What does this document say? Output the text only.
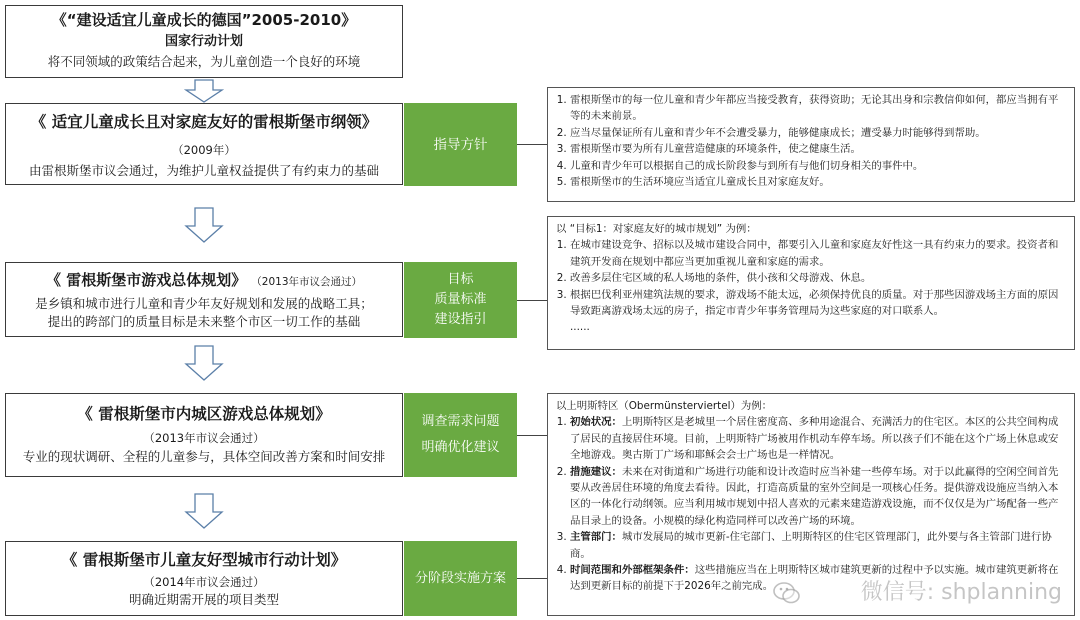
《“建设适宜儿童成长的德国”2005-2010》
国家行动计划
将不同领域的政策结合起来，为儿童创造一个良好的环境
《 适宜儿童成长且对家庭友好的雷根斯堡市纲领》
（2009年）
由雷根斯堡市议会通过，为维护儿童权益提供了有约束力的基础
《 雷根斯堡市游戏总体规划》 （2013年市议会通过）
是乡镇和城市进行儿童和青少年友好规划和发展的战略工具；
提出的跨部门的质量目标是未来整个市区一切工作的基础
《 雷根斯堡市内城区游戏总体规划》
（2013年市议会通过）
专业的现状调研、全程的儿童参与，具体空间改善方案和时间安排
《 雷根斯堡市儿童友好型城市行动计划》
（2014年市议会通过）
明确近期需开展的项目类型
指导方针
目标
质量标准
建设指引
调查需求问题
明确优化建议
分阶段实施方案
1. 雷根斯堡市的每一位儿童和青少年都应当接受教育，获得资助；无论其出身和宗教信仰如何，都应当拥有平等的未来前景。
2. 应当尽量保证所有儿童和青少年不会遭受暴力，能够健康成长；遭受暴力时能够得到帮助。
3. 雷根斯堡市要为所有儿童营造健康的环境条件，使之健康生活。
4. 儿童和青少年可以根据自己的成长阶段参与到所有与他们切身相关的事件中。
5. 雷根斯堡市的生活环境应当适宜儿童成长且对家庭友好。

以 “目标1：对家庭友好的城市规划” 为例：

1. 在城市建设竞争、招标以及城市建设合同中，都要引入儿童和家庭友好性这一具有约束力的要求。投资者和建筑开发商在规划中都应当更加重视儿童和家庭的需求。
2. 改善多层住宅区域的私人场地的条件，供小孩和父母游戏、休息。
3. 根据巴伐利亚州建筑法规的要求，游戏场不能太远，必须保持优良的质量。对于那些因游戏场主方面的原因导致距离游戏场太远的房子，指定市青少年事务管理局为这些家庭的对口联系人。

......

以上明斯特区（Obermünsterviertel）为例：

1. 初始状况：上明斯特区是老城里一个居住密度高、多种用途混合、充满活力的住宅区。本区的公共空间构成了居民的直接居住环境。目前，上明斯特广场被用作机动车停车场。所以孩子们不能在这个广场上休息或安全地游戏。奥古斯丁广场和耶稣会会士广场也是一样情况。
2. 措施建议：未来在对街道和广场进行功能和设计改造时应当补建一些停车场。对于以此赢得的空闲空间首先要从改善居住环境的角度去看待。因此，打造高质量的室外空间是一项核心任务。提供游戏设施应当纳入本区的一体化行动纲领。应当利用城市规划中招人喜欢的元素来建造游戏设施，而不仅仅是为广场配备一些产品目录上的设备。小规模的绿化构造同样可以改善广场的环境。
3. 主管部门：城市发展局的城市更新-住宅部门、上明斯特区的住宅区管理部门，此外要与各主管部门进行协商。
4. 时间范围和外部框架条件：这些措施应当在上明斯特区城市建筑更新的过程中予以实施。城市建筑更新将在达到更新目标的前提下于2026年之前完成。	微信号: shplanning
